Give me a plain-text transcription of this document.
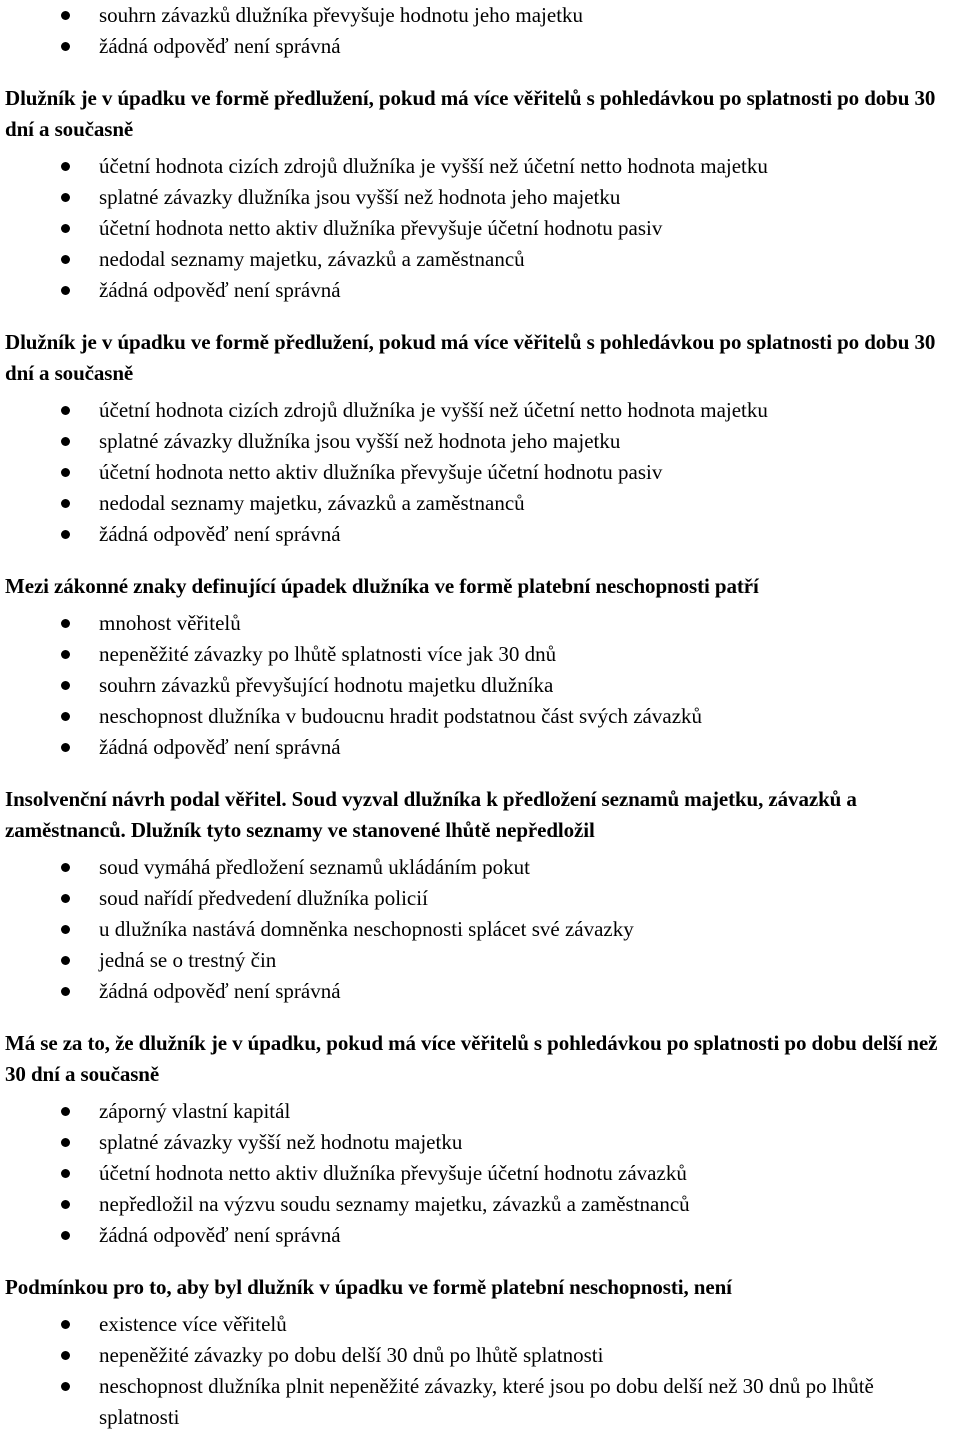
souhrn závazků dlužníka převyšuje hodnotu jeho majetku
žádná odpověď není správná

Dlužník je v úpadku ve formě předlužení, pokud má více věřitelů s pohledávkou po splatnosti po dobu 30 dní a současně

účetní hodnota cizích zdrojů dlužníka je vyšší než účetní netto hodnota majetku
splatné závazky dlužníka jsou vyšší než hodnota jeho majetku
účetní hodnota netto aktiv dlužníka převyšuje účetní hodnotu pasiv
nedodal seznamy majetku, závazků a zaměstnanců
žádná odpověď není správná

Dlužník je v úpadku ve formě předlužení, pokud má více věřitelů s pohledávkou po splatnosti po dobu 30 dní a současně

účetní hodnota cizích zdrojů dlužníka je vyšší než účetní netto hodnota majetku
splatné závazky dlužníka jsou vyšší než hodnota jeho majetku
účetní hodnota netto aktiv dlužníka převyšuje účetní hodnotu pasiv
nedodal seznamy majetku, závazků a zaměstnanců
žádná odpověď není správná

Mezi zákonné znaky definující úpadek dlužníka ve formě platební neschopnosti patří

mnohost věřitelů
nepeněžité závazky po lhůtě splatnosti více jak 30 dnů
souhrn závazků převyšující hodnotu majetku dlužníka
neschopnost dlužníka v budoucnu hradit podstatnou část svých závazků
žádná odpověď není správná

Insolvenční návrh podal věřitel. Soud vyzval dlužníka k předložení seznamů majetku, závazků a zaměstnanců. Dlužník tyto seznamy ve stanovené lhůtě nepředložil

soud vymáhá předložení seznamů ukládáním pokut
soud nařídí předvedení dlužníka policií
u dlužníka nastává domněnka neschopnosti splácet své závazky
jedná se o trestný čin
žádná odpověď není správná

Má se za to, že dlužník je v úpadku, pokud má více věřitelů s pohledávkou po splatnosti po dobu delší než 30 dní a současně

záporný vlastní kapitál
splatné závazky vyšší než hodnotu majetku
účetní hodnota netto aktiv dlužníka převyšuje účetní hodnotu závazků
nepředložil na výzvu soudu seznamy majetku, závazků a zaměstnanců
žádná odpověď není správná

Podmínkou pro to, aby byl dlužník v úpadku ve formě platební neschopnosti, není

existence více věřitelů
nepeněžité závazky po dobu delší 30 dnů po lhůtě splatnosti
neschopnost dlužníka plnit nepeněžité závazky, které jsou po dobu delší než 30 dnů po lhůtě splatnosti
